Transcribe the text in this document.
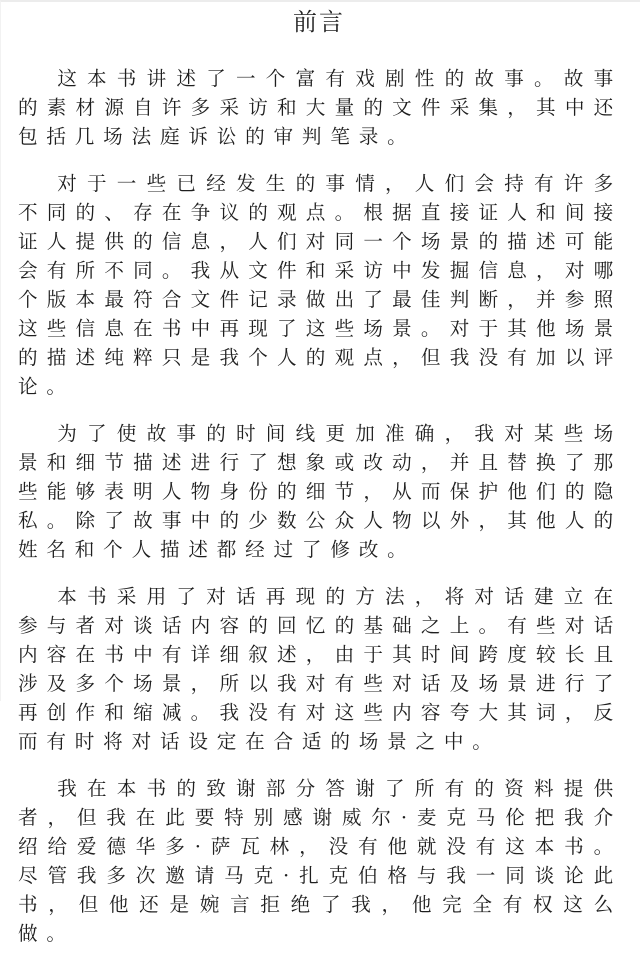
前言

这本书讲述了一个富有戏剧性的故事。故事的素材源自许多采访和大量的文件采集，其中还包括几场法庭诉讼的审判笔录。

对于一些已经发生的事情，人们会持有许多不同的、存在争议的观点。根据直接证人和间接证人提供的信息，人们对同一个场景的描述可能会有所不同。我从文件和采访中发掘信息，对哪个版本最符合文件记录做出了最佳判断，并参照这些信息在书中再现了这些场景。对于其他场景的描述纯粹只是我个人的观点，但我没有加以评论。

为了使故事的时间线更加准确，我对某些场景和细节描述进行了想象或改动，并且替换了那些能够表明人物身份的细节，从而保护他们的隐私。除了故事中的少数公众人物以外，其他人的姓名和个人描述都经过了修改。

本书采用了对话再现的方法，将对话建立在参与者对谈话内容的回忆的基础之上。有些对话内容在书中有详细叙述，由于其时间跨度较长且涉及多个场景，所以我对有些对话及场景进行了再创作和缩减。我没有对这些内容夸大其词，反而有时将对话设定在合适的场景之中。

我在本书的致谢部分答谢了所有的资料提供者，但我在此要特别感谢威尔·麦克马伦把我介绍给爱德华多·萨瓦林，没有他就没有这本书。尽管我多次邀请马克·扎克伯格与我一同谈论此书，但他还是婉言拒绝了我，他完全有权这么做。
